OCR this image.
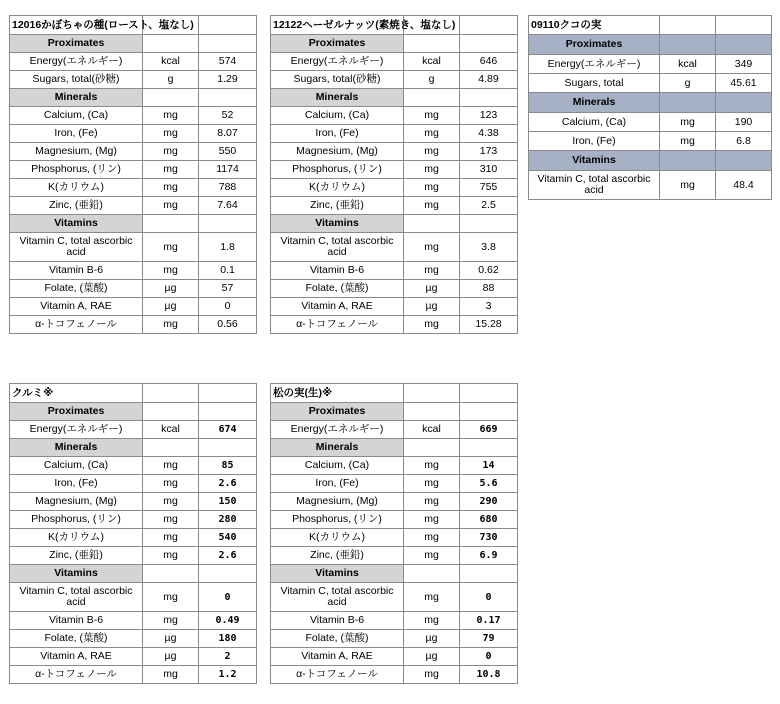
12016かぼちゃの種(ロースト、塩なし)		
Proximates		
Energy(エネルギー)	kcal	574
Sugars, total(砂糖)	g	1.29
Minerals		
Calcium, (Ca)	mg	52
Iron, (Fe)	mg	8.07
Magnesium, (Mg)	mg	550
Phosphorus, (リン)	mg	1174
K(カリウム)	mg	788
Zinc, (亜鉛)	mg	7.64
Vitamins		
Vitamin C, total ascorbic acid	mg	1.8
Vitamin B-6	mg	0.1
Folate, (葉酸)	µg	57
Vitamin A, RAE	µg	0
α-トコフェノール	mg	0.56
12122ヘーゼルナッツ(素焼き、塩なし)		
Proximates		
Energy(エネルギー)	kcal	646
Sugars, total(砂糖)	g	4.89
Minerals		
Calcium, (Ca)	mg	123
Iron, (Fe)	mg	4.38
Magnesium, (Mg)	mg	173
Phosphorus, (リン)	mg	310
K(カリウム)	mg	755
Zinc, (亜鉛)	mg	2.5
Vitamins		
Vitamin C, total ascorbic acid	mg	3.8
Vitamin B-6	mg	0.62
Folate, (葉酸)	µg	88
Vitamin A, RAE	µg	3
α-トコフェノール	mg	15.28
09110クコの実		
Proximates		
Energy(エネルギー)	kcal	349
Sugars, total	g	45.61
Minerals		
Calcium, (Ca)	mg	190
Iron, (Fe)	mg	6.8
Vitamins		
Vitamin C, total ascorbic acid	mg	48.4
クルミ※		
Proximates		
Energy(エネルギー)	kcal	674
Minerals		
Calcium, (Ca)	mg	85
Iron, (Fe)	mg	2.6
Magnesium, (Mg)	mg	150
Phosphorus, (リン)	mg	280
K(カリウム)	mg	540
Zinc, (亜鉛)	mg	2.6
Vitamins		
Vitamin C, total ascorbic acid	mg	0
Vitamin B-6	mg	0.49
Folate, (葉酸)	µg	180
Vitamin A, RAE	µg	2
α-トコフェノール	mg	1.2
松の実(生)※		
Proximates		
Energy(エネルギー)	kcal	669
Minerals		
Calcium, (Ca)	mg	14
Iron, (Fe)	mg	5.6
Magnesium, (Mg)	mg	290
Phosphorus, (リン)	mg	680
K(カリウム)	mg	730
Zinc, (亜鉛)	mg	6.9
Vitamins		
Vitamin C, total ascorbic acid	mg	0
Vitamin B-6	mg	0.17
Folate, (葉酸)	µg	79
Vitamin A, RAE	µg	0
α-トコフェノール	mg	10.8
